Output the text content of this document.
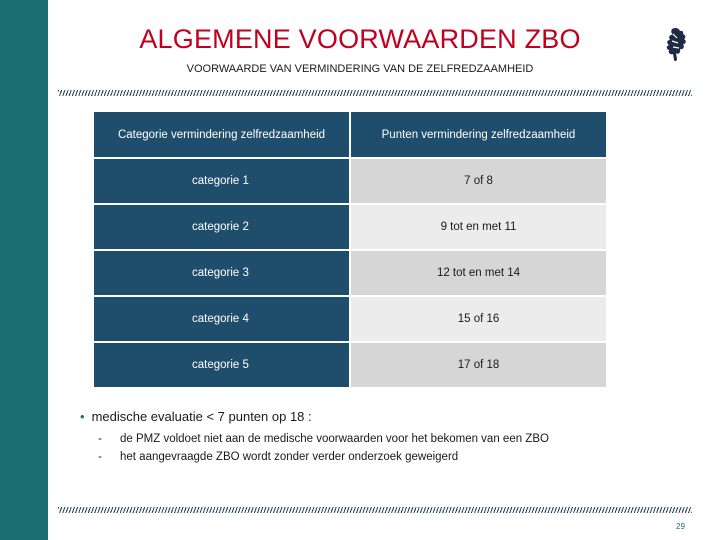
ALGEMENE VOORWAARDEN ZBO
VOORWAARDE VAN VERMINDERING VAN DE ZELFREDZAAMHEID
Categorie vermindering zelfredzaamheid	Punten vermindering zelfredzaamheid
categorie 1	7 of 8
categorie 2	9 tot en met 11
categorie 3	12 tot en met 14
categorie 4	15 of 16
categorie 5	17 of 18
• medische evaluatie < 7 punten op 18 :
- de PMZ voldoet niet aan de medische voorwaarden voor het bekomen van een ZBO
- het aangevraagde ZBO wordt zonder verder onderzoek geweigerd
29
